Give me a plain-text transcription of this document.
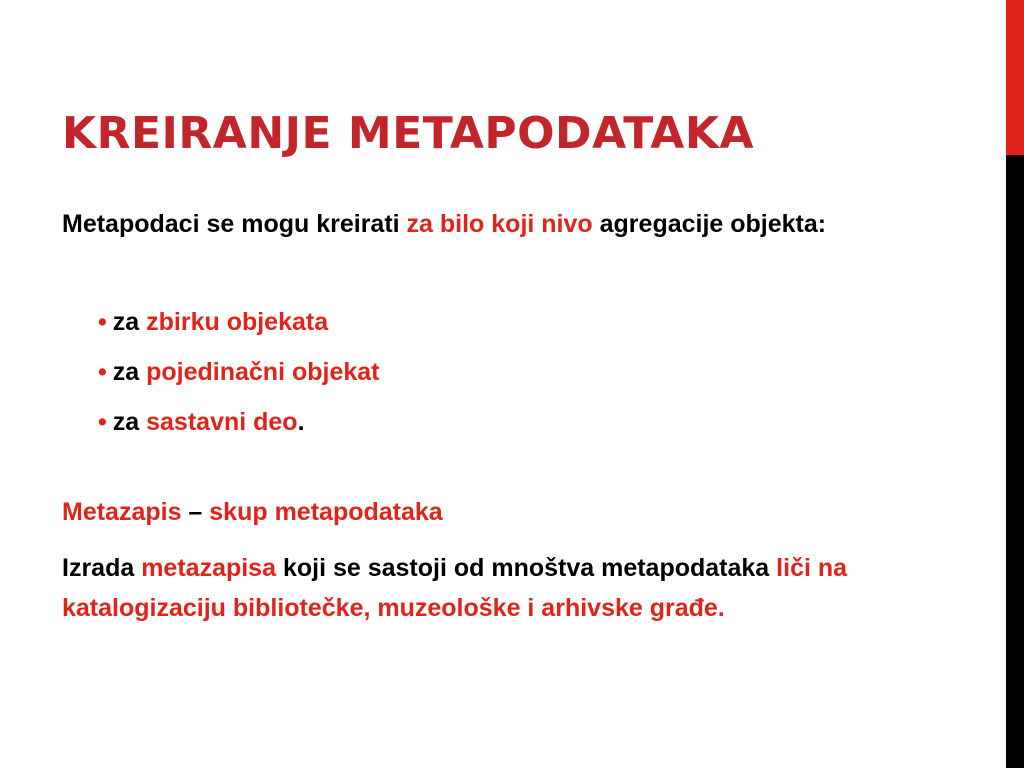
KREIRANJE METAPODATAKA

Metapodaci se mogu kreirati za bilo koji nivo agregacije objekta:

• za zbirku objekata
• za pojedinačni objekat
• za sastavni deo.

Metazapis – skup metapodataka

Izrada metazapisa koji se sastoji od mnoštva metapodataka liči na katalogizaciju bibliotečke, muzeološke i arhivske građe.
